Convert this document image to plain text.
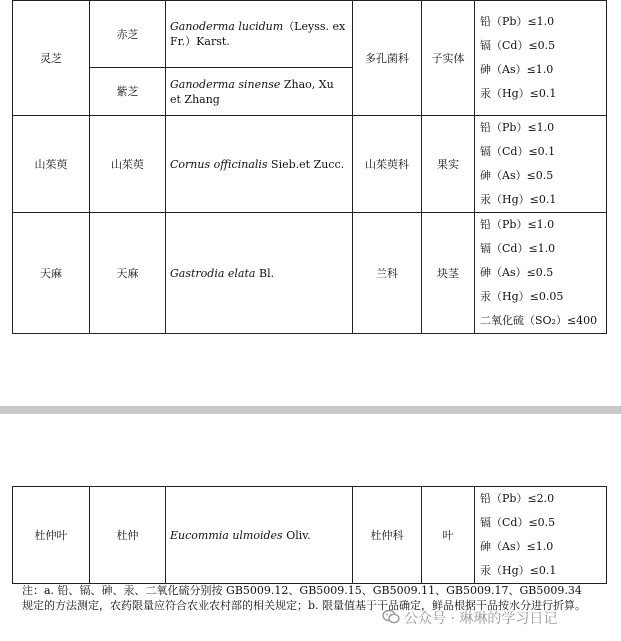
灵芝	赤芝	Ganoderma lucidum（Leyss. ex Fr.）Karst.	多孔菌科	子实体	铅（Pb）≤1.0
镉（Cd）≤0.5
砷（As）≤1.0
汞（Hg）≤0.1

	紫芝	Ganoderma sinense Zhao, Xu et Zhang			
山茱萸	山茱萸	Cornus officinalis Sieb.et Zucc.	山茱萸科	果实	铅（Pb）≤1.0
镉（Cd）≤0.1
砷（As）≤0.5
汞（Hg）≤0.1

天麻	天麻	Gastrodia elata Bl.	兰科	块茎	铅（Pb）≤1.0
镉（Cd）≤1.0
砷（As）≤0.5
汞（Hg）≤0.05
二氧化硫（SO₂）≤400
杜仲叶	杜仲	Eucommia ulmoides Oliv.	杜仲科	叶	
铅（Pb）≤2.0
镉（Cd）≤0.5
砷（As）≤1.0
汞（Hg）≤0.1
注：a. 铅、镉、砷、汞、二氧化硫分别按 GB5009.12、GB5009.15、GB5009.11、GB5009.17、GB5009.34 规定的方法测定，农药限量应符合农业农村部的相关规定；b. 限量值基于干品确定，鲜品根据干品按水分进行折算。
公众号 · 琳琳的学习日记
